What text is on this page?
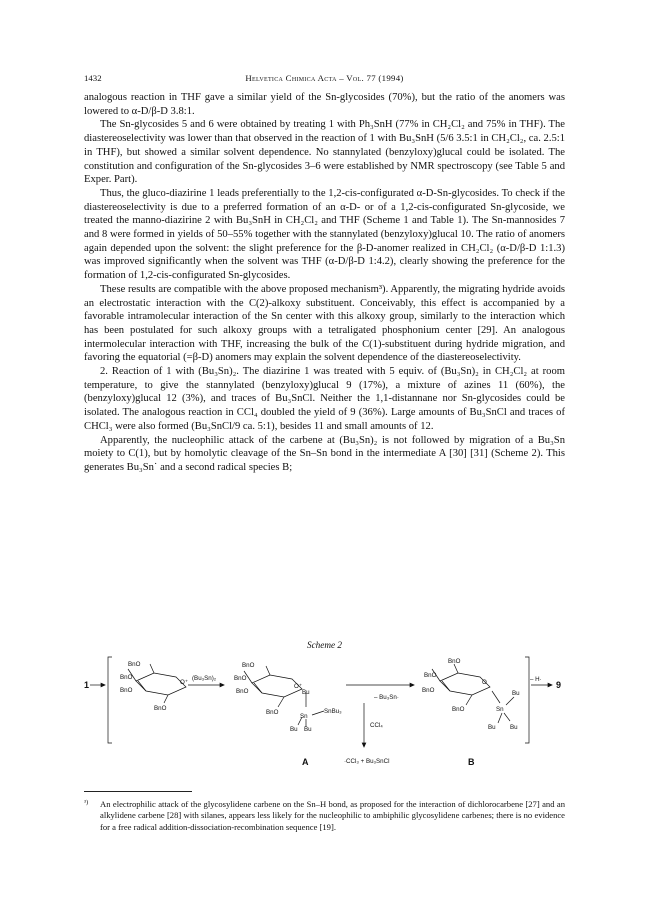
1432	Helvetica Chimica Acta – Vol. 77 (1994)

analogous reaction in THF gave a similar yield of the Sn-glycosides (70%), but the ratio of the anomers was lowered to α-D/β-D 3.8:1.

The Sn-glycosides 5 and 6 were obtained by treating 1 with Ph₃SnH (77% in CH₂Cl₂ and 75% in THF). The diastereoselectivity was lower than that observed in the reaction of 1 with Bu₃SnH (5/6 3.5:1 in CH₂Cl₂, ca. 2.5:1 in THF), but showed a similar solvent dependence. No stannylated (benzyloxy)glucal could be isolated. The constitution and configuration of the Sn-glycosides 3–6 were established by NMR spectroscopy (see Table 5 and Exper. Part).

Thus, the gluco-diazirine 1 leads preferentially to the 1,2-cis-configurated α-D-Sn-glycosides. To check if the diastereoselectivity is due to a preferred formation of an α-D- or of a 1,2-cis-configurated Sn-glycoside, we treated the manno-diazirine 2 with Bu₃SnH in CH₂Cl₂ and THF (Scheme 1 and Table 1). The Sn-mannosides 7 and 8 were formed in yields of 50–55% together with the stannylated (benzyloxy)glucal 10. The ratio of anomers again depended upon the solvent: the slight preference for the β-D-anomer realized in CH₂Cl₂ (α-D/β-D 1:1.3) was improved significantly when the solvent was THF (α-D/β-D 1:4.2), clearly showing the preference for the formation of 1,2-cis-configurated Sn-glycosides.

These results are compatible with the above proposed mechanism³). Apparently, the migrating hydride avoids an electrostatic interaction with the C(2)-alkoxy substituent. Conceivably, this effect is accompanied by a favorable intramolecular interaction of the Sn center with this alkoxy group, similarly to the interaction which has been postulated for such alkoxy groups with a tetraligated phosphonium center [29]. An analogous intermolecular interaction with THF, increasing the bulk of the C(1)-substituent during hydride migration, and favoring the equatorial (=β-D) anomers may explain the solvent dependence of the diastereoselectivity.

2. Reaction of 1 with (Bu₃Sn)₂. The diazirine 1 was treated with 5 equiv. of (Bu₃Sn)₂ in CH₂Cl₂ at room temperature, to give the stannylated (benzyloxy)glucal 9 (17%), a mixture of azines 11 (60%), the (benzyloxy)glucal 12 (3%), and traces of Bu₃SnCl. Neither the 1,1-distannane nor Sn-glycosides could be isolated. The analogous reaction in CCl₄ doubled the yield of 9 (36%). Large amounts of Bu₃SnCl and traces of CHCl₃ were also formed (Bu₃SnCl/9 ca. 5:1), besides 11 and small amounts of 12.

Apparently, the nucleophilic attack of the carbene at (Bu₃Sn)₂ is not followed by migration of a Bu₃Sn moiety to C(1), but by homolytic cleavage of the Sn–Sn bond in the intermediate A [30] [31] (Scheme 2). This generates Bu₃Sn˙ and a second radical species B;

Scheme 2
1	9
BnO
BnO
BnO
BnO
O⁺
(Bu₃Sn)₂
BnO
BnO
BnO
BnO
O⁺
Bu
Sn
SnBu₃
Bu Bu
A
– Bu₃Sn·
CCl₄
·CCl₃ + Bu₃SnCl
BnO
BnO
BnO
BnO
O
Bu
Sn
Bu Bu
– H·
B
³) An electrophilic attack of the glycosylidene carbene on the Sn–H bond, as proposed for the interaction of dichlorocarbene [27] and an alkylidene carbene [28] with silanes, appears less likely for the nucleophilic to ambiphilic glycosylidene carbenes; there is no evidence for a free radical addition-dissociation-recombination sequence [19].
